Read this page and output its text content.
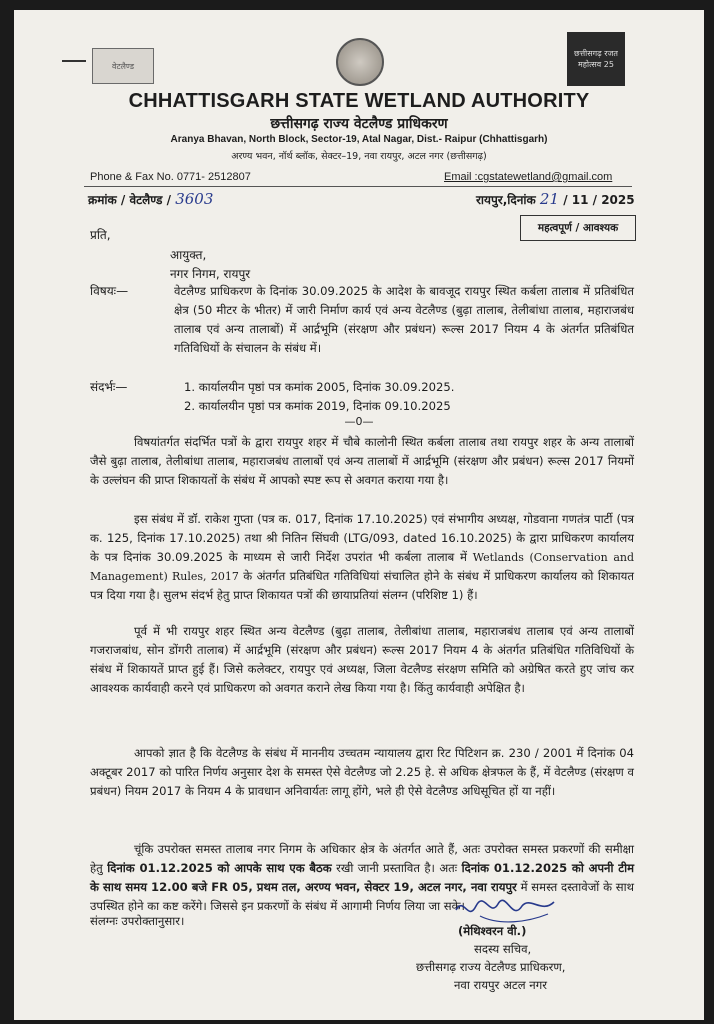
वेटलैण्ड
छत्तीसगढ़ रजत महोत्सव 25
CHHATTISGARH STATE WETLAND AUTHORITY
छत्तीसगढ़ राज्य वेटलैण्ड प्राधिकरण
Aranya Bhavan, North Block, Sector-19, Atal Nagar, Dist.- Raipur (Chhattisgarh)
अरण्य भवन, नॉर्थ ब्लॉक, सेक्टर–19, नवा रायपुर, अटल नगर (छत्तीसगढ़)
Phone & Fax No. 0771- 2512807	Email :cgstatewetland@gmail.com
क्रमांक / वेटलैण्ड / 3603	रायपुर,दिनांक 21 / 11 / 2025
प्रति,	महत्वपूर्ण / आवश्यक
आयुक्त,
नगर निगम, रायपुर
विषयः—	वेटलैण्ड प्राधिकरण के दिनांक 30.09.2025 के आदेश के बावजूद रायपुर स्थित कर्बला तालाब में प्रतिबंधित क्षेत्र (50 मीटर के भीतर) में जारी निर्माण कार्य एवं अन्य वेटलैण्ड (बुढ़ा तालाब, तेलीबांधा तालाब, महाराजबंध तालाब एवं अन्य तालाबों) में आर्द्रभूमि (संरक्षण और प्रबंधन) रूल्स 2017 नियम 4 के अंतर्गत प्रतिबंधित गतिविधियों के संचालन के संबंध में।
संदर्भः—	1. कार्यालयीन पृष्ठां पत्र कमांक 2005, दिनांक 30.09.2025.
2. कार्यालयीन पृष्ठां पत्र कमांक 2019, दिनांक 09.10.2025
—0—
विषयांतर्गत संदर्भित पत्रों के द्वारा रायपुर शहर में चौबे कालोनी स्थित कर्बला तालाब तथा रायपुर शहर के अन्य तालाबों जैसे बुढ़ा तालाब, तेलीबांधा तालाब, महाराजबंध तालाबों एवं अन्य तालाबों में आर्द्रभूमि (संरक्षण और प्रबंधन) रूल्स 2017 नियमों के उल्लंघन की प्राप्त शिकायतों के संबंध में आपको स्पष्ट रूप से अवगत कराया गया है।
इस संबंध में डॉ. राकेश गुप्ता (पत्र क. 017, दिनांक 17.10.2025) एवं संभागीय अध्यक्ष, गोडवाना गणतंत्र पार्टी (पत्र क. 125, दिनांक 17.10.2025) तथा श्री नितिन सिंघवी (LTG/093, dated 16.10.2025) के द्वारा प्राधिकरण कार्यालय के पत्र दिनांक 30.09.2025 के माध्यम से जारी निर्देश उपरांत भी कर्बला तालाब में Wetlands (Conservation and Management) Rules, 2017 के अंतर्गत प्रतिबंधित गतिविधियां संचालित होने के संबंध में प्राधिकरण कार्यालय को शिकायत पत्र दिया गया है। सुलभ संदर्भ हेतु प्राप्त शिकायत पत्रों की छायाप्रतियां संलग्न (परिशिष्ट 1) हैं।
पूर्व में भी रायपुर शहर स्थित अन्य वेटलैण्ड (बुढ़ा तालाब, तेलीबांधा तालाब, महाराजबंध तालाब एवं अन्य तालाबों गजराजबांध, सोन डोंगरी तालाब) में आर्द्रभूमि (संरक्षण और प्रबंधन) रूल्स 2017 नियम 4 के अंतर्गत प्रतिबंधित गतिविधियों के संबंध में शिकायतें प्राप्त हुई हैं। जिसे कलेक्टर, रायपुर एवं अध्यक्ष, जिला वेटलैण्ड संरक्षण समिति को अग्रेषित करते हुए जांच कर आवश्यक कार्यवाही करने एवं प्राधिकरण को अवगत कराने लेख किया गया है। किंतु कार्यवाही अपेक्षित है।
आपको ज्ञात है कि वेटलैण्ड के संबंध में माननीय उच्चतम न्यायालय द्वारा रिट पिटिशन क्र. 230 / 2001 में दिनांक 04 अक्टूबर 2017 को पारित निर्णय अनुसार देश के समस्त ऐसे वेटलैण्ड जो 2.25 हे. से अधिक क्षेत्रफल के हैं, में वेटलैण्ड (संरक्षण व प्रबंधन) नियम 2017 के नियम 4 के प्रावधान अनिवार्यतः लागू होंगे, भले ही ऐसे वेटलैण्ड अधिसूचित हों या नहीं।
चूंकि उपरोक्त समस्त तालाब नगर निगम के अधिकार क्षेत्र के अंतर्गत आते हैं, अतः उपरोक्त समस्त प्रकरणों की समीक्षा हेतु दिनांक 01.12.2025 को आपके साथ एक बैठक रखी जानी प्रस्तावित है। अतः दिनांक 01.12.2025 को अपनी टीम के साथ समय 12.00 बजे FR 05, प्रथम तल, अरण्य भवन, सेक्टर 19, अटल नगर, नवा रायपुर में समस्त दस्तावेजों के साथ उपस्थित होने का कष्ट करेंगे। जिससे इन प्रकरणों के संबंध में आगामी निर्णय लिया जा सके।
संलग्नः उपरोक्तानुसार।
(मेथिश्वरन वी.)
सदस्य सचिव,
छत्तीसगढ़ राज्य वेटलैण्ड प्राधिकरण,
नवा रायपुर अटल नगर
